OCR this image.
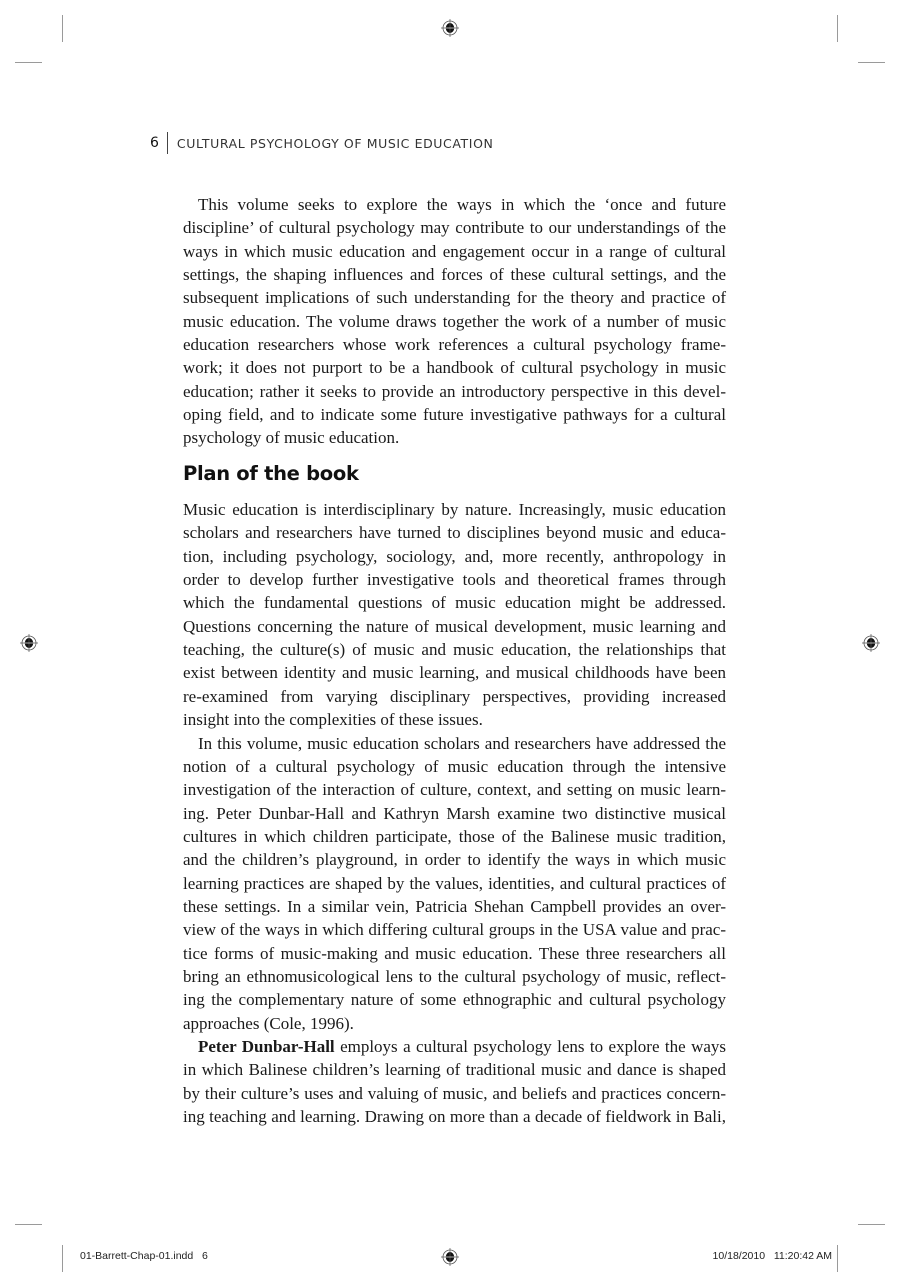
6 CULTURAL PSYCHOLOGY OF MUSIC EDUCATION
This volume seeks to explore the ways in which the ‘once and future
discipline’ of cultural psychology may contribute to our understandings of the
ways in which music education and engagement occur in a range of cultural
settings, the shaping influences and forces of these cultural settings, and the
subsequent implications of such understanding for the theory and practice of
music education. The volume draws together the work of a number of music
education researchers whose work references a cultural psychology frame-
work; it does not purport to be a handbook of cultural psychology in music
education; rather it seeks to provide an introductory perspective in this devel-
oping field, and to indicate some future investigative pathways for a cultural
psychology of music education.
Plan of the book
Music education is interdisciplinary by nature. Increasingly, music education
scholars and researchers have turned to disciplines beyond music and educa-
tion, including psychology, sociology, and, more recently, anthropology in
order to develop further investigative tools and theoretical frames through
which the fundamental questions of music education might be addressed.
Questions concerning the nature of musical development, music learning and
teaching, the culture(s) of music and music education, the relationships that
exist between identity and music learning, and musical childhoods have been
re-examined from varying disciplinary perspectives, providing increased
insight into the complexities of these issues.
In this volume, music education scholars and researchers have addressed the
notion of a cultural psychology of music education through the intensive
investigation of the interaction of culture, context, and setting on music learn-
ing. Peter Dunbar-Hall and Kathryn Marsh examine two distinctive musical
cultures in which children participate, those of the Balinese music tradition,
and the children’s playground, in order to identify the ways in which music
learning practices are shaped by the values, identities, and cultural practices of
these settings. In a similar vein, Patricia Shehan Campbell provides an over-
view of the ways in which differing cultural groups in the USA value and prac-
tice forms of music-making and music education. These three researchers all
bring an ethnomusicological lens to the cultural psychology of music, reflect-
ing the complementary nature of some ethnographic and cultural psychology
approaches (Cole, 1996).
Peter Dunbar-Hall employs a cultural psychology lens to explore the ways
in which Balinese children’s learning of traditional music and dance is shaped
by their culture’s uses and valuing of music, and beliefs and practices concern-
ing teaching and learning. Drawing on more than a decade of fieldwork in Bali,
01-Barrett-Chap-01.indd   6	10/18/2010   11:20:42 AM
